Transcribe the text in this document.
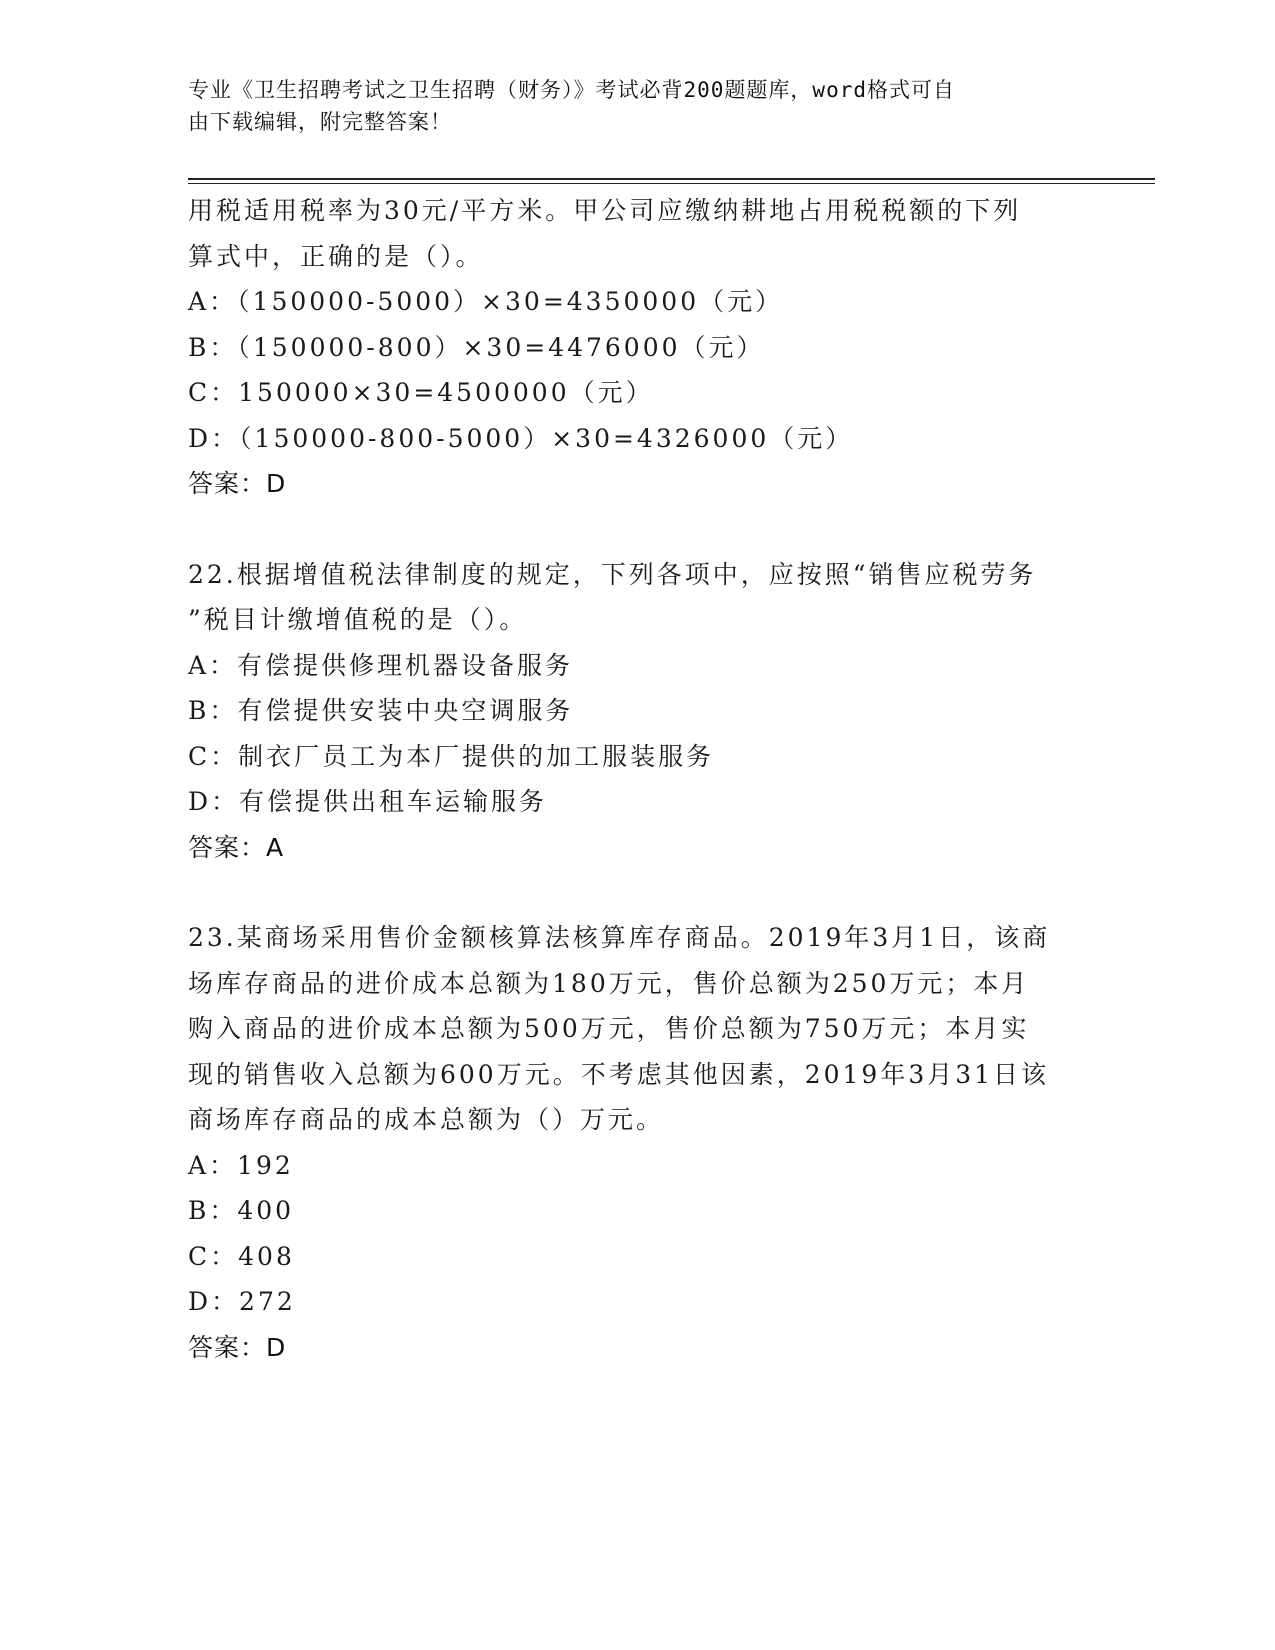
专业《卫生招聘考试之卫生招聘（财务）》考试必背200题题库，word格式可自
由下载编辑，附完整答案！
用税适用税率为30元/平方米。甲公司应缴纳耕地占用税税额的下列
算式中，正确的是（）。
A：（150000-5000）×30=4350000（元）
B：（150000-800）×30=4476000（元）
C：150000×30=4500000（元）
D：（150000-800-5000）×30=4326000（元）
答案：D
22.根据增值税法律制度的规定，下列各项中，应按照“销售应税劳务
”税目计缴增值税的是（）。
A：有偿提供修理机器设备服务
B：有偿提供安装中央空调服务
C：制衣厂员工为本厂提供的加工服装服务
D：有偿提供出租车运输服务
答案：A
23.某商场采用售价金额核算法核算库存商品。2019年3月1日，该商
场库存商品的进价成本总额为180万元，售价总额为250万元；本月
购入商品的进价成本总额为500万元，售价总额为750万元；本月实
现的销售收入总额为600万元。不考虑其他因素，2019年3月31日该
商场库存商品的成本总额为（）万元。
A：192
B：400
C：408
D：272
答案：D
